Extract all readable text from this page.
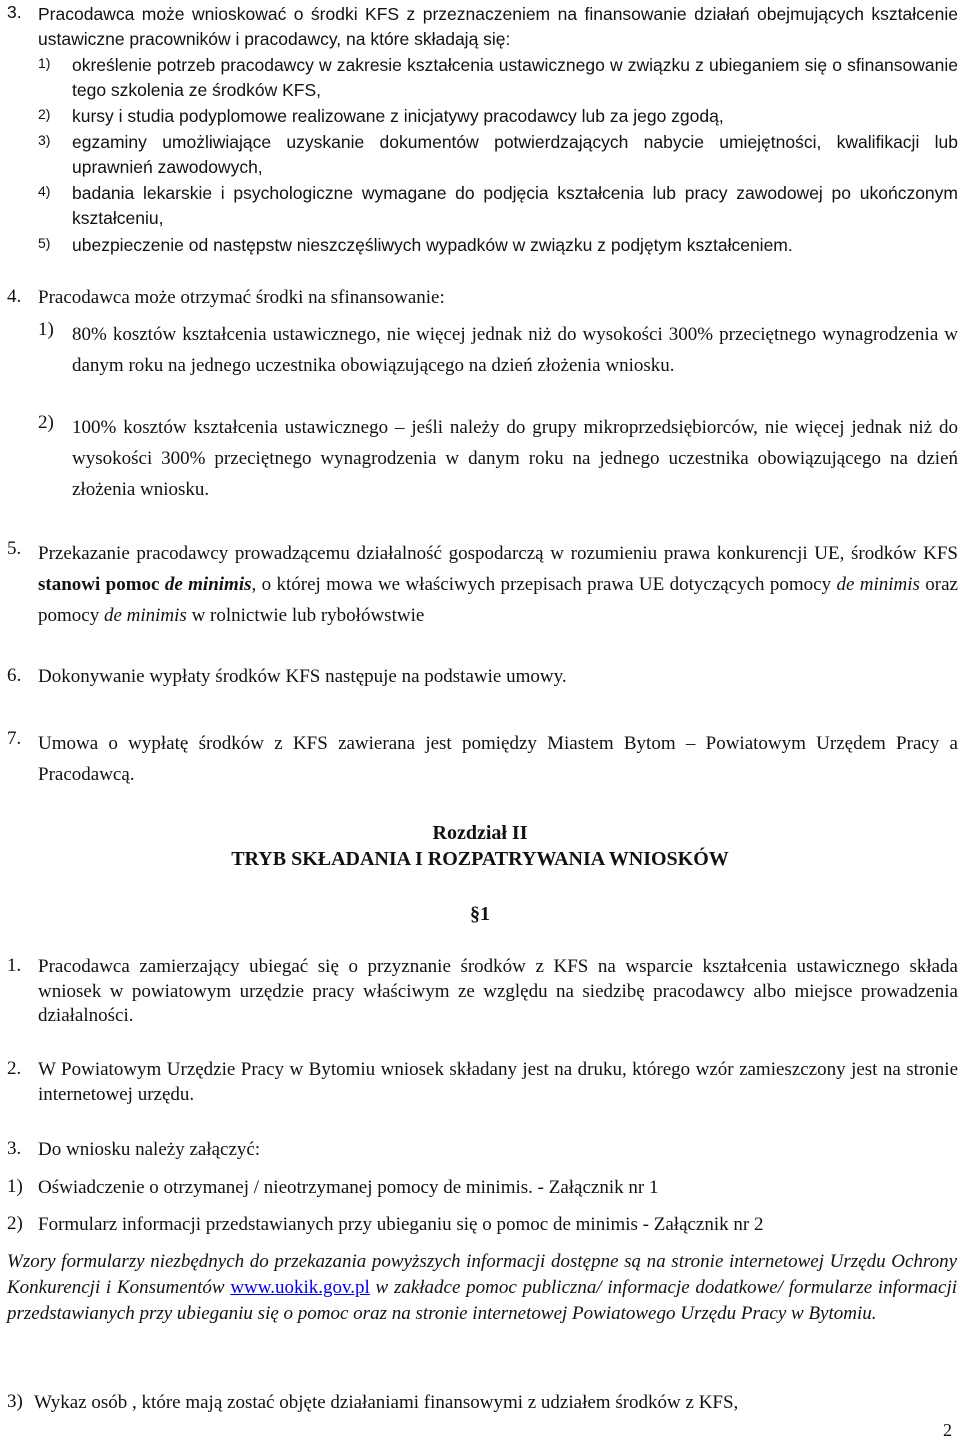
3. Pracodawca może wnioskować o środki KFS z przeznaczeniem na finansowanie działań obejmujących kształcenie ustawiczne pracowników i pracodawcy, na które składają się:
1) określenie potrzeb pracodawcy w zakresie kształcenia ustawicznego w związku z ubieganiem się o sfinansowanie tego szkolenia ze środków KFS,
2) kursy i studia podyplomowe realizowane z inicjatywy pracodawcy lub za jego zgodą,
3) egzaminy umożliwiające uzyskanie dokumentów potwierdzających nabycie umiejętności, kwalifikacji lub uprawnień zawodowych,
4) badania lekarskie i psychologiczne wymagane do podjęcia kształcenia lub pracy zawodowej po ukończonym kształceniu,
5) ubezpieczenie od następstw nieszczęśliwych wypadków w związku z podjętym kształceniem.
4. Pracodawca może otrzymać środki na sfinansowanie:
1) 80% kosztów kształcenia ustawicznego, nie więcej jednak niż do wysokości 300% przeciętnego wynagrodzenia w danym roku na jednego uczestnika obowiązującego na dzień złożenia wniosku.
2) 100% kosztów kształcenia ustawicznego – jeśli należy do grupy mikroprzedsiębiorców, nie więcej jednak niż do wysokości 300% przeciętnego wynagrodzenia w danym roku na jednego uczestnika obowiązującego na dzień złożenia wniosku.
5. Przekazanie pracodawcy prowadzącemu działalność gospodarczą w rozumieniu prawa konkurencji UE, środków KFS stanowi pomoc de minimis, o której mowa we właściwych przepisach prawa UE dotyczących pomocy de minimis oraz pomocy de minimis w rolnictwie lub rybołówstwie
6. Dokonywanie wypłaty środków KFS następuje na podstawie umowy.
7. Umowa o wypłatę środków z KFS zawierana jest pomiędzy Miastem Bytom – Powiatowym Urzędem Pracy a Pracodawcą.
Rozdział II
TRYB SKŁADANIA I ROZPATRYWANIA WNIOSKÓW
§1
1. Pracodawca zamierzający ubiegać się o przyznanie środków z KFS na wsparcie kształcenia ustawicznego składa wniosek w powiatowym urzędzie pracy właściwym ze względu na siedzibę pracodawcy albo miejsce prowadzenia działalności.
2. W Powiatowym Urzędzie Pracy w Bytomiu wniosek składany jest na druku, którego wzór zamieszczony jest na stronie internetowej urzędu.
3. Do wniosku należy załączyć:
1) Oświadczenie o otrzymanej / nieotrzymanej pomocy de minimis. - Załącznik nr 1
2) Formularz informacji przedstawianych przy ubieganiu się o pomoc de minimis - Załącznik nr 2
Wzory formularzy niezbędnych do przekazania powyższych informacji dostępne są na stronie internetowej Urzędu Ochrony Konkurencji i Konsumentów www.uokik.gov.pl w zakładce pomoc publiczna/ informacje dodatkowe/ formularze informacji przedstawianych przy ubieganiu się o pomoc oraz na stronie internetowej Powiatowego Urzędu Pracy w Bytomiu.
3) Wykaz osób , które mają zostać objęte działaniami finansowymi z udziałem środków z KFS,
2
